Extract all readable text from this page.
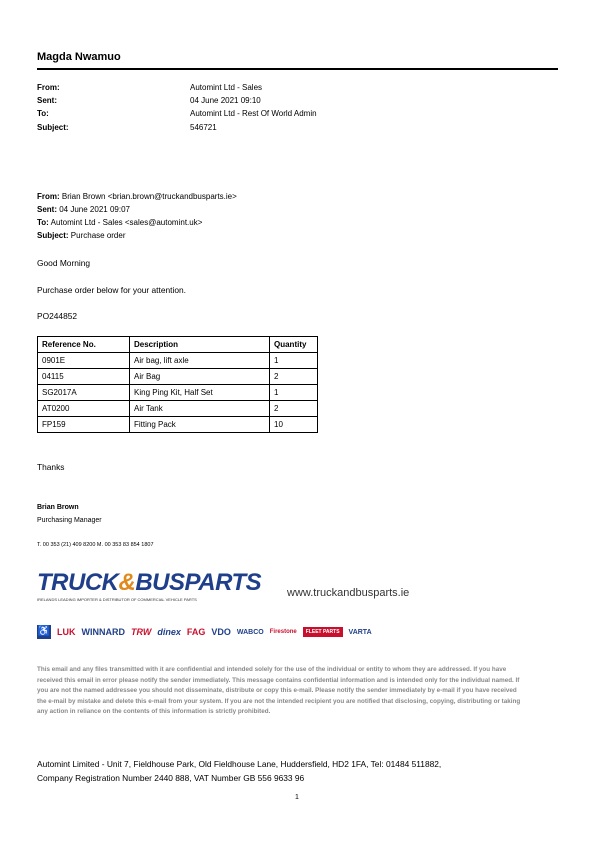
Magda Nwamuo
From:	Automint Ltd - Sales
Sent:	04 June 2021 09:10
To:	Automint Ltd - Rest Of World Admin
Subject:	546721
From: Brian Brown <brian.brown@truckandbusparts.ie>
Sent: 04 June 2021 09:07
To: Automint Ltd - Sales <sales@automint.uk>
Subject: Purchase order
Good Morning
Purchase order below for your attention.
PO244852
Reference No.	Description	Quantity
0901E	Air bag, lift axle	1
04115	Air Bag	2
SG2017A	King Ping Kit, Half Set	1
AT0200	Air Tank	2
FP159	Fitting Pack	10
Thanks
Brian Brown
Purchasing Manager
T. 00 353 (21) 409 8200 M. 00 353 83 854 1807
TRUCK&BUSPARTS
IRELANDS LEADING IMPORTER & DISTRIBUTOR OF COMMERCIAL VEHICLE PARTS
www.truckandbusparts.ie
♿ LUK WINNARD TRW dinex FAG VDO WABCO Firestone	FLEET PARTS	VARTA
This email and any files transmitted with it are confidential and intended solely for the use of the individual or entity to whom they are addressed. If you have received this email in error please notify the sender immediately. This message contains confidential information and is intended only for the individual named. If you are not the named addressee you should not disseminate, distribute or copy this e-mail. Please notify the sender immediately by e-mail if you have received the e-mail by mistake and delete this e-mail from your system. If you are not the intended recipient you are notified that disclosing, copying, distributing or taking any action in reliance on the contents of this information is strictly prohibited.
Automint Limited - Unit 7, Fieldhouse Park, Old Fieldhouse Lane, Huddersfield, HD2 1FA, Tel: 01484 511882,
Company Registration Number 2440 888, VAT Number GB 556 9633 96
1
